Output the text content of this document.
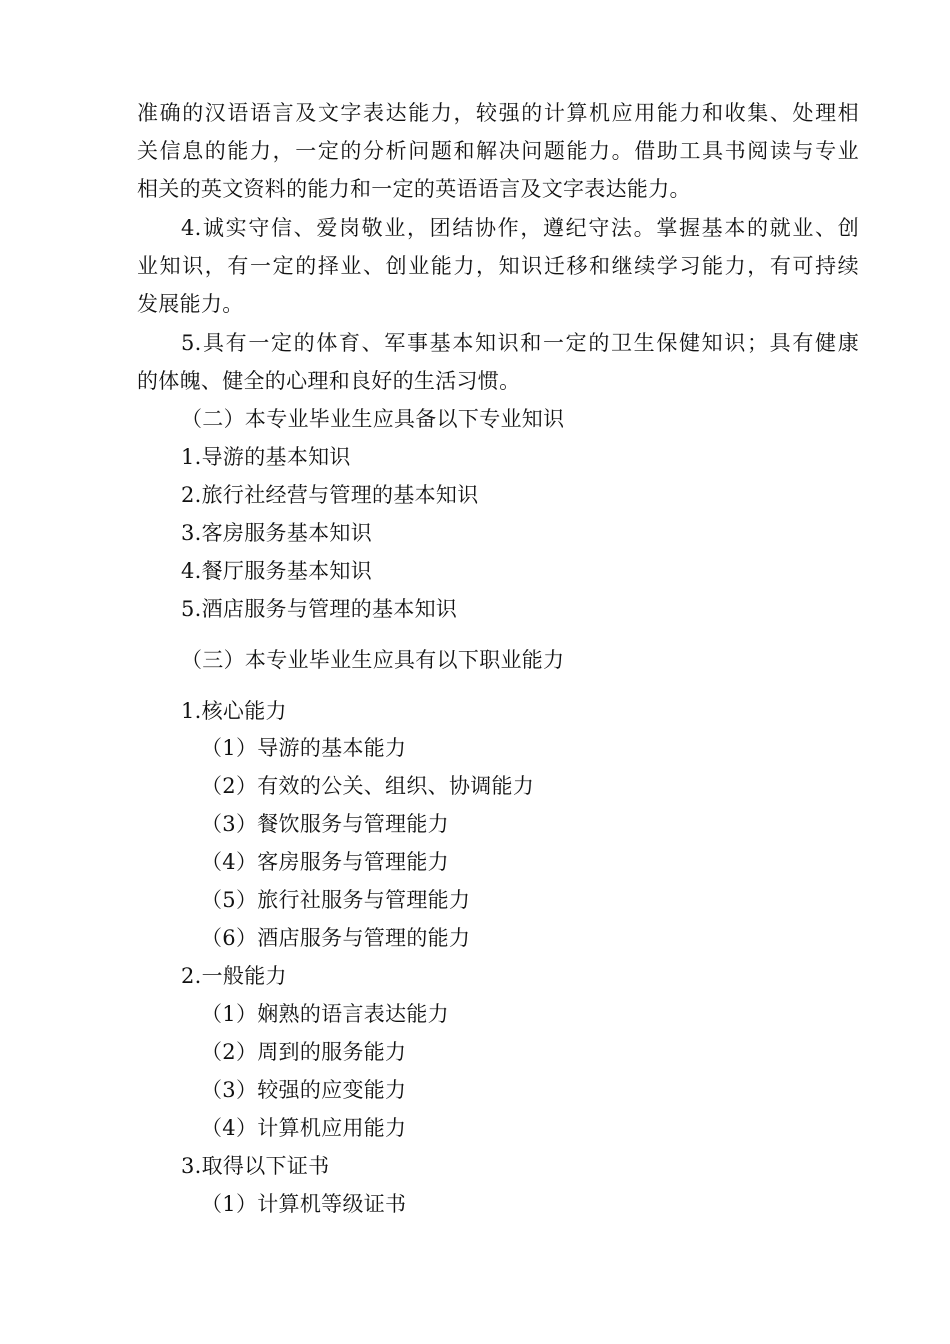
准确的汉语语言及文字表达能力，较强的计算机应用能力和收集、处理相
关信息的能力，一定的分析问题和解决问题能力。借助工具书阅读与专业
相关的英文资料的能力和一定的英语语言及文字表达能力。
4.诚实守信、爱岗敬业，团结协作，遵纪守法。掌握基本的就业、创
业知识，有一定的择业、创业能力，知识迁移和继续学习能力，有可持续
发展能力。
5.具有一定的体育、军事基本知识和一定的卫生保健知识；具有健康
的体魄、健全的心理和良好的生活习惯。
（二）本专业毕业生应具备以下专业知识
1.导游的基本知识
2.旅行社经营与管理的基本知识
3.客房服务基本知识
4.餐厅服务基本知识
5.酒店服务与管理的基本知识
（三）本专业毕业生应具有以下职业能力
1.核心能力
（1）导游的基本能力
（2）有效的公关、组织、协调能力
（3）餐饮服务与管理能力
（4）客房服务与管理能力
（5）旅行社服务与管理能力
（6）酒店服务与管理的能力
2.一般能力
（1）娴熟的语言表达能力
（2）周到的服务能力
（3）较强的应变能力
（4）计算机应用能力
3.取得以下证书
（1）计算机等级证书
